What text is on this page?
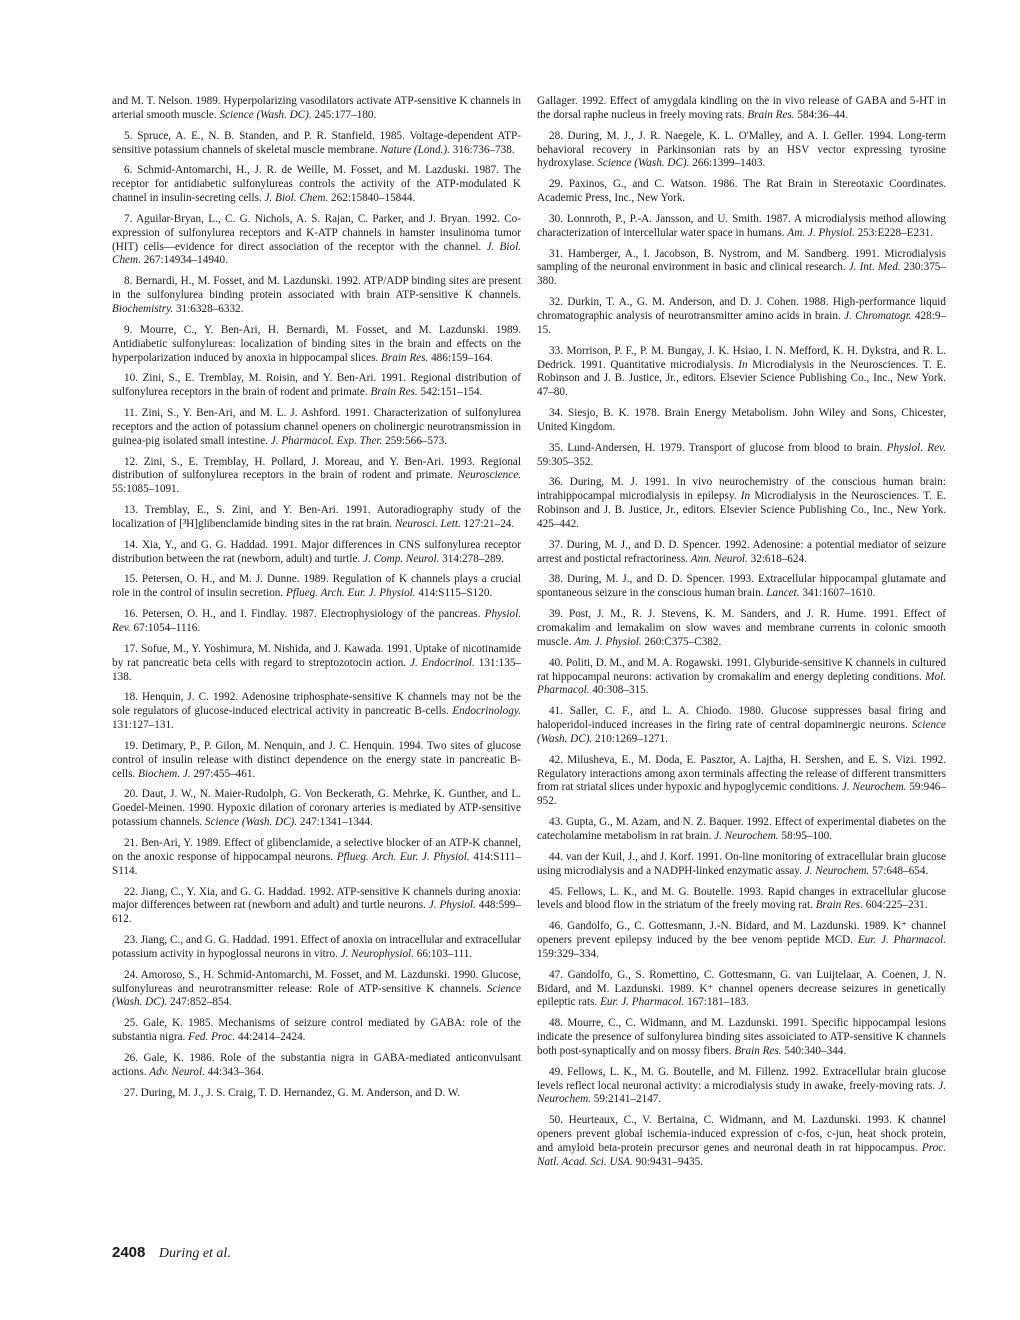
and M. T. Nelson. 1989. Hyperpolarizing vasodilators activate ATP-sensitive K channels in arterial smooth muscle. Science (Wash. DC). 245:177–180.

5. Spruce, A. E., N. B. Standen, and P. R. Stanfield. 1985. Voltage-dependent ATP-sensitive potassium channels of skeletal muscle membrane. Nature (Lond.). 316:736–738.

6. Schmid-Antomarchi, H., J. R. de Weille, M. Fosset, and M. Lazduski. 1987. The receptor for antidiabetic sulfonylureas controls the activity of the ATP-modulated K channel in insulin-secreting cells. J. Biol. Chem. 262:15840–15844.

7. Aguilar-Bryan, L., C. G. Nichols, A. S. Rajan, C. Parker, and J. Bryan. 1992. Co-expression of sulfonylurea receptors and K-ATP channels in hamster insulinoma tumor (HIT) cells—evidence for direct association of the receptor with the channel. J. Biol. Chem. 267:14934–14940.

8. Bernardi, H., M. Fosset, and M. Lazdunski. 1992. ATP/ADP binding sites are present in the sulfonylurea binding protein associated with brain ATP-sensitive K channels. Biochemistry. 31:6328–6332.

9. Mourre, C., Y. Ben-Ari, H. Bernardi, M. Fosset, and M. Lazdunski. 1989. Antidiabetic sulfonylureas: localization of binding sites in the brain and effects on the hyperpolarization induced by anoxia in hippocampal slices. Brain Res. 486:159–164.

10. Zini, S., E. Tremblay, M. Roisin, and Y. Ben-Ari. 1991. Regional distribution of sulfonylurea receptors in the brain of rodent and primate. Brain Res. 542:151–154.

11. Zini, S., Y. Ben-Ari, and M. L. J. Ashford. 1991. Characterization of sulfonylurea receptors and the action of potassium channel openers on cholinergic neurotransmission in guinea-pig isolated small intestine. J. Pharmacol. Exp. Ther. 259:566–573.

12. Zini, S., E. Tremblay, H. Pollard, J. Moreau, and Y. Ben-Ari. 1993. Regional distribution of sulfonylurea receptors in the brain of rodent and primate. Neuroscience. 55:1085–1091.

13. Tremblay, E., S. Zini, and Y. Ben-Ari. 1991. Autoradiography study of the localization of [³H]glibenclamide binding sites in the rat brain. Neurosci. Lett. 127:21–24.

14. Xia, Y., and G. G. Haddad. 1991. Major differences in CNS sulfonylurea receptor distribution between the rat (newborn, adult) and turtle. J. Comp. Neurol. 314:278–289.

15. Petersen, O. H., and M. J. Dunne. 1989. Regulation of K channels plays a crucial role in the control of insulin secretion. Pflueg. Arch. Eur. J. Physiol. 414:S115–S120.

16. Petersen, O. H., and I. Findlay. 1987. Electrophysiology of the pancreas. Physiol. Rev. 67:1054–1116.

17. Sofue, M., Y. Yoshimura, M. Nishida, and J. Kawada. 1991. Uptake of nicotinamide by rat pancreatic beta cells with regard to streptozotocin action. J. Endocrinol. 131:135–138.

18. Henquin, J. C. 1992. Adenosine triphosphate-sensitive K channels may not be the sole regulators of glucose-induced electrical activity in pancreatic B-cells. Endocrinology. 131:127–131.

19. Detimary, P., P. Gilon, M. Nenquin, and J. C. Henquin. 1994. Two sites of glucose control of insulin release with distinct dependence on the energy state in pancreatic B-cells. Biochem. J. 297:455–461.

20. Daut, J. W., N. Maier-Rudolph, G. Von Beckerath, G. Mehrke, K. Gunther, and L. Goedel-Meinen. 1990. Hypoxic dilation of coronary arteries is mediated by ATP-sensitive potassium channels. Science (Wash. DC). 247:1341–1344.

21. Ben-Ari, Y. 1989. Effect of glibenclamide, a selective blocker of an ATP-K channel, on the anoxic response of hippocampal neurons. Pflueg. Arch. Eur. J. Physiol. 414:S111–S114.

22. Jiang, C., Y. Xia, and G. G. Haddad. 1992. ATP-sensitive K channels during anoxia: major differences between rat (newborn and adult) and turtle neurons. J. Physiol. 448:599–612.

23. Jiang, C., and G. G. Haddad. 1991. Effect of anoxia on intracellular and extracellular potassium activity in hypoglossal neurons in vitro. J. Neurophysiol. 66:103–111.

24. Amoroso, S., H. Schmid-Antomarchi, M. Fosset, and M. Lazdunski. 1990. Glucose, sulfonylureas and neurotransmitter release: Role of ATP-sensitive K channels. Science (Wash. DC). 247:852–854.

25. Gale, K. 1985. Mechanisms of seizure control mediated by GABA: role of the substantia nigra. Fed. Proc. 44:2414–2424.

26. Gale, K. 1986. Role of the substantia nigra in GABA-mediated anticonvulsant actions. Adv. Neurol. 44:343–364.

27. During, M. J., J. S. Craig, T. D. Hernandez, G. M. Anderson, and D. W.

Gallager. 1992. Effect of amygdala kindling on the in vivo release of GABA and 5-HT in the dorsal raphe nucleus in freely moving rats. Brain Res. 584:36–44.

28. During, M. J., J. R. Naegele, K. L. O'Malley, and A. I. Geller. 1994. Long-term behavioral recovery in Parkinsonian rats by an HSV vector expressing tyrosine hydroxylase. Science (Wash. DC). 266:1399–1403.

29. Paxinos, G., and C. Watson. 1986. The Rat Brain in Stereotaxic Coordinates. Academic Press, Inc., New York.

30. Lonnroth, P., P.-A. Jansson, and U. Smith. 1987. A microdialysis method allowing characterization of intercellular water space in humans. Am. J. Physiol. 253:E228–E231.

31. Hamberger, A., I. Jacobson, B. Nystrom, and M. Sandberg. 1991. Microdialysis sampling of the neuronal environment in basic and clinical research. J. Int. Med. 230:375–380.

32. Durkin, T. A., G. M. Anderson, and D. J. Cohen. 1988. High-performance liquid chromatographic analysis of neurotransmitter amino acids in brain. J. Chromatogr. 428:9–15.

33. Morrison, P. F., P. M. Bungay, J. K. Hsiao, I. N. Mefford, K. H. Dykstra, and R. L. Dedrick. 1991. Quantitative microdialysis. In Microdialysis in the Neurosciences. T. E. Robinson and J. B. Justice, Jr., editors. Elsevier Science Publishing Co., Inc., New York. 47–80.

34. Siesjo, B. K. 1978. Brain Energy Metabolism. John Wiley and Sons, Chicester, United Kingdom.

35. Lund-Andersen, H. 1979. Transport of glucose from blood to brain. Physiol. Rev. 59:305–352.

36. During, M. J. 1991. In vivo neurochemistry of the conscious human brain: intrahippocampal microdialysis in epilepsy. In Microdialysis in the Neurosciences. T. E. Robinson and J. B. Justice, Jr., editors. Elsevier Science Publishing Co., Inc., New York. 425–442.

37. During, M. J., and D. D. Spencer. 1992. Adenosine: a potential mediator of seizure arrest and postictal refractoriness. Ann. Neurol. 32:618–624.

38. During, M. J., and D. D. Spencer. 1993. Extracellular hippocampal glutamate and spontaneous seizure in the conscious human brain. Lancet. 341:1607–1610.

39. Post, J. M., R. J. Stevens, K. M. Sanders, and J. R. Hume. 1991. Effect of cromakalim and lemakalim on slow waves and membrane currents in colonic smooth muscle. Am. J. Physiol. 260:C375–C382.

40. Politi, D. M., and M. A. Rogawski. 1991. Glyburide-sensitive K channels in cultured rat hippocampal neurons: activation by cromakalim and energy depleting conditions. Mol. Pharmacol. 40:308–315.

41. Saller, C. F., and L. A. Chiodo. 1980. Glucose suppresses basal firing and haloperidol-induced increases in the firing rate of central dopaminergic neurons. Science (Wash. DC). 210:1269–1271.

42. Milusheva, E., M. Doda, E. Pasztor, A. Lajtha, H. Sershen, and E. S. Vizi. 1992. Regulatory interactions among axon terminals affecting the release of different transmitters from rat striatal slices under hypoxic and hypoglycemic conditions. J. Neurochem. 59:946–952.

43. Gupta, G., M. Azam, and N. Z. Baquer. 1992. Effect of experimental diabetes on the catecholamine metabolism in rat brain. J. Neurochem. 58:95–100.

44. van der Kuil, J., and J. Korf. 1991. On-line monitoring of extracellular brain glucose using microdialysis and a NADPH-linked enzymatic assay. J. Neurochem. 57:648–654.

45. Fellows, L. K., and M. G. Boutelle. 1993. Rapid changes in extracellular glucose levels and blood flow in the striatum of the freely moving rat. Brain Res. 604:225–231.

46. Gandolfo, G., C. Gottesmann, J.-N. Bidard, and M. Lazdunski. 1989. K⁺ channel openers prevent epilepsy induced by the bee venom peptide MCD. Eur. J. Pharmacol. 159:329–334.

47. Gandolfo, G., S. Romettino, C. Gottesmann, G. van Luijtelaar, A. Coenen, J. N. Bidard, and M. Lazdunski. 1989. K⁺ channel openers decrease seizures in genetically epileptic rats. Eur. J. Pharmacol. 167:181–183.

48. Mourre, C., C. Widmann, and M. Lazdunski. 1991. Specific hippocampal lesions indicate the presence of sulfonylurea binding sites assoiciated to ATP-sensitive K channels both post-synaptically and on mossy fibers. Brain Res. 540:340–344.

49. Fellows, L. K., M. G. Boutelle, and M. Fillenz. 1992. Extracellular brain glucose levels reflect local neuronal activity: a microdialysis study in awake, freely-moving rats. J. Neurochem. 59:2141–2147.

50. Heurteaux, C., V. Bertaina, C. Widmann, and M. Lazdunski. 1993. K channel openers prevent global ischemia-induced expression of c-fos, c-jun, heat shock protein, and amyloid beta-protein precursor genes and neuronal death in rat hippocampus. Proc. Natl. Acad. Sci. USA. 90:9431–9435.

2408 During et al.
